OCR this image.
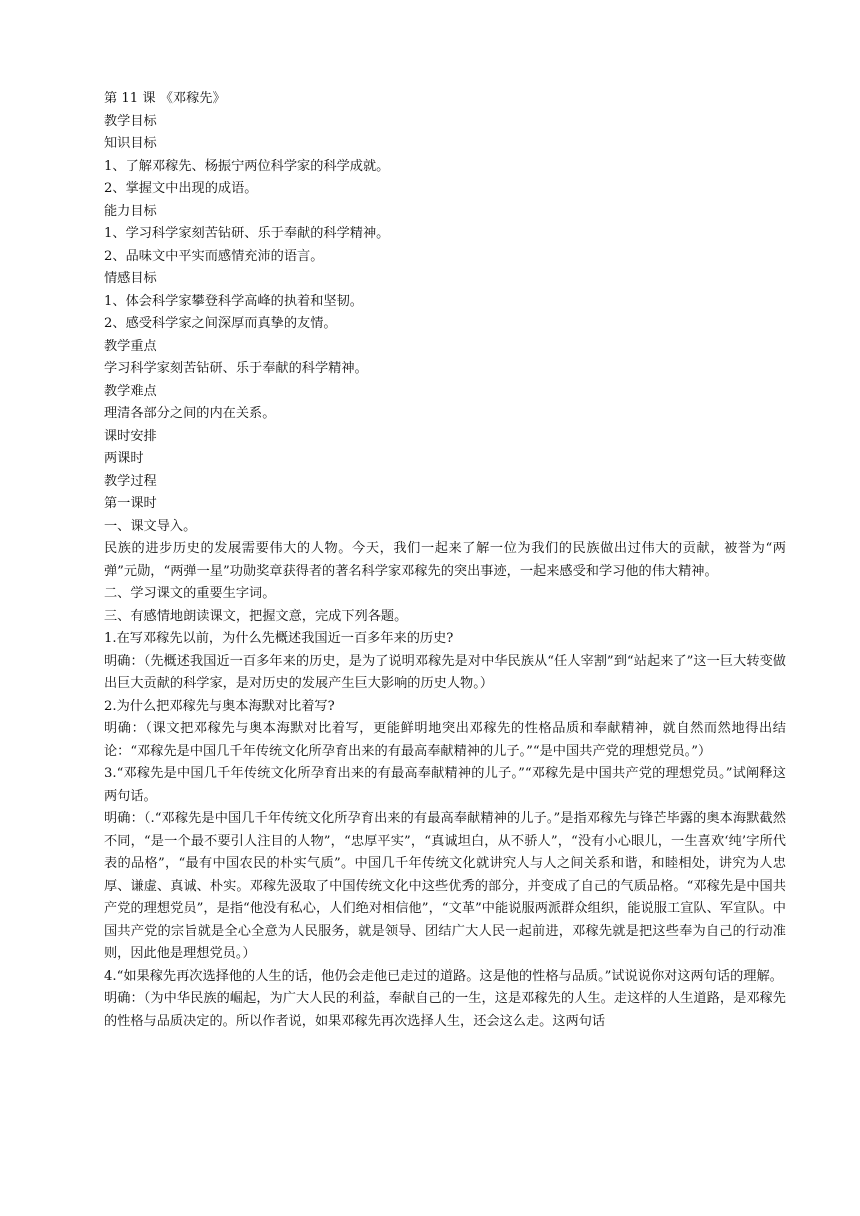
第 11 课 《邓稼先》

教学目标

知识目标

1、了解邓稼先、杨振宁两位科学家的科学成就。

2、掌握文中出现的成语。

能力目标

1、学习科学家刻苦钻研、乐于奉献的科学精神。

2、品味文中平实而感情充沛的语言。

情感目标

1、体会科学家攀登科学高峰的执着和坚韧。

2、感受科学家之间深厚而真挚的友情。

教学重点

学习科学家刻苦钻研、乐于奉献的科学精神。

教学难点

理清各部分之间的内在关系。

课时安排

两课时

教学过程

第一课时

一、课文导入。

民族的进步历史的发展需要伟大的人物。今天，我们一起来了解一位为我们的民族做出过伟大的贡献，被誉为“两弹”元勋，“两弹一星”功勋奖章获得者的著名科学家邓稼先的突出事迹，一起来感受和学习他的伟大精神。

二、学习课文的重要生字词。

三、有感情地朗读课文，把握文意，完成下列各题。

1.在写邓稼先以前，为什么先概述我国近一百多年来的历史?

明确：（先概述我国近一百多年来的历史，是为了说明邓稼先是对中华民族从“任人宰割”到“站起来了”这一巨大转变做出巨大贡献的科学家，是对历史的发展产生巨大影响的历史人物。）

2.为什么把邓稼先与奥本海默对比着写?

明确：（课文把邓稼先与奥本海默对比着写，更能鲜明地突出邓稼先的性格品质和奉献精神，就自然而然地得出结论：“邓稼先是中国几千年传统文化所孕育出来的有最高奉献精神的儿子。”“是中国共产党的理想党员。”）

3.“邓稼先是中国几千年传统文化所孕育出来的有最高奉献精神的儿子。”“邓稼先是中国共产党的理想党员。”试阐释这两句话。

明确：（.“邓稼先是中国几千年传统文化所孕育出来的有最高奉献精神的儿子。”是指邓稼先与锋芒毕露的奥本海默截然不同，“是一个最不要引人注目的人物”，“忠厚平实”，“真诚坦白，从不骄人”，“没有小心眼儿，一生喜欢‘纯’字所代表的品格”，“最有中国农民的朴实气质”。中国几千年传统文化就讲究人与人之间关系和谐，和睦相处，讲究为人忠厚、谦虚、真诚、朴实。邓稼先汲取了中国传统文化中这些优秀的部分，并变成了自己的气质品格。“邓稼先是中国共产党的理想党员”，是指“他没有私心，人们绝对相信他”，“文革”中能说服两派群众组织，能说服工宣队、军宣队。中国共产党的宗旨就是全心全意为人民服务，就是领导、团结广大人民一起前进，邓稼先就是把这些奉为自己的行动准则，因此他是理想党员。）

4.“如果稼先再次选择他的人生的话，他仍会走他已走过的道路。这是他的性格与品质。”试说说你对这两句话的理解。

明确：（为中华民族的崛起，为广大人民的利益，奉献自己的一生，这是邓稼先的人生。走这样的人生道路，是邓稼先的性格与品质决定的。所以作者说，如果邓稼先再次选择人生，还会这么走。这两句话
